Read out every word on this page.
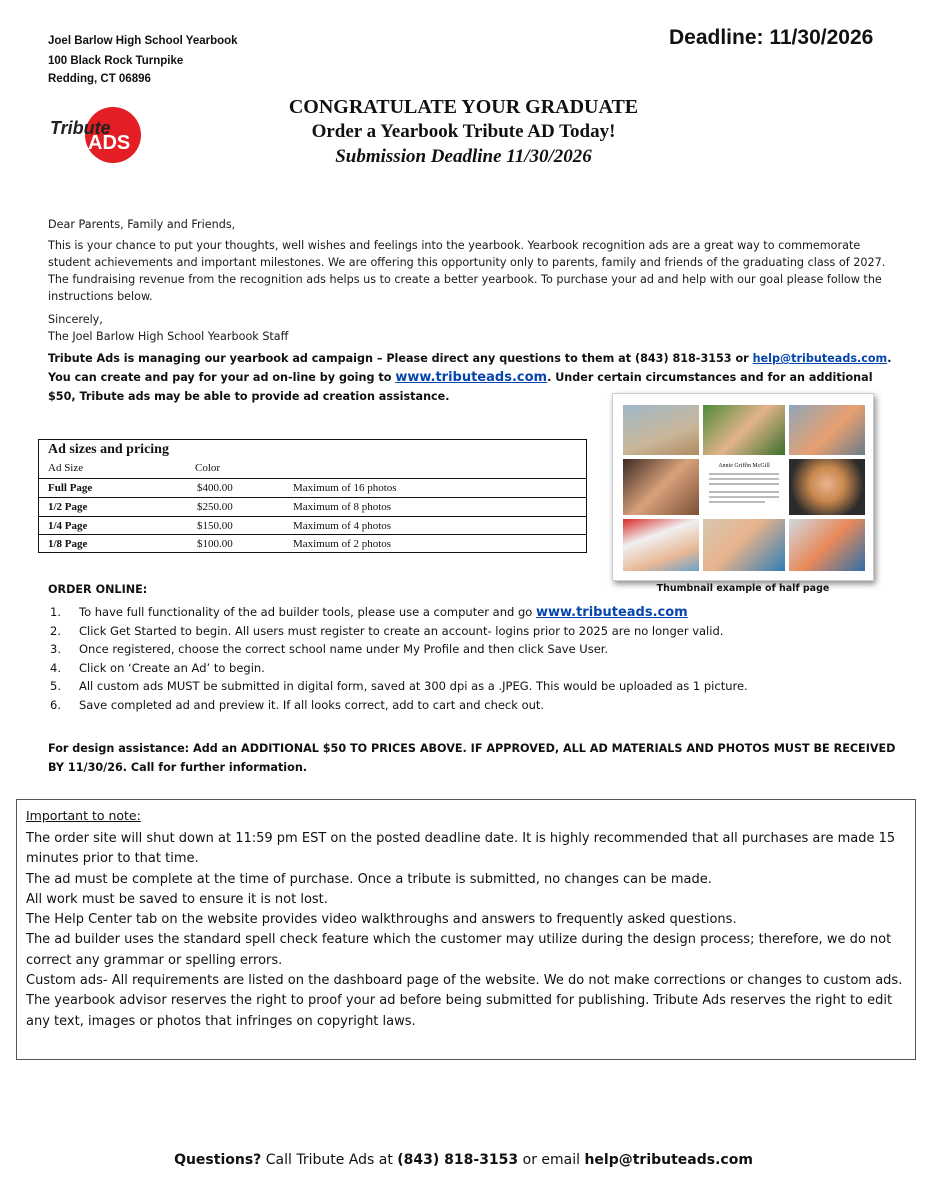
Joel Barlow High School Yearbook
100 Black Rock Turnpike
Redding, CT 06896
Deadline: 11/30/2026
Tribute
ADS
CONGRATULATE YOUR GRADUATE
Order a Yearbook Tribute AD Today!
Submission Deadline 11/30/2026
Dear Parents, Family and Friends,
This is your chance to put your thoughts, well wishes and feelings into the yearbook. Yearbook recognition ads are a great way to commemorate student achievements and important milestones. We are offering this opportunity only to parents, family and friends of the graduating class of 2027. The fundraising revenue from the recognition ads helps us to create a better yearbook. To purchase your ad and help with our goal please follow the instructions below.
Sincerely,
The Joel Barlow High School Yearbook Staff
Tribute Ads is managing our yearbook ad campaign – Please direct any questions to them at (843) 818-3153 or help@tributeads.com. You can create and pay for your ad on-line by going to www.tributeads.com. Under certain circumstances and for an additional $50, Tribute ads may be able to provide ad creation assistance.
Ad sizes and pricing
Ad Size	Color
Full Page	$400.00	Maximum of 16 photos
1/2 Page	$250.00	Maximum of 8 photos
1/4 Page	$150.00	Maximum of 4 photos
1/8 Page	$100.00	Maximum of 2 photos
Annie Griffin McGill
Thumbnail example of half page
ORDER ONLINE:
1.	To have full functionality of the ad builder tools, please use a computer and go www.tributeads.com
2.	Click Get Started to begin. All users must register to create an account- logins prior to 2025 are no longer valid.
3.	Once registered, choose the correct school name under My Profile and then click Save User.
4.	Click on ‘Create an Ad’ to begin.
5.	All custom ads MUST be submitted in digital form, saved at 300 dpi as a .JPEG. This would be uploaded as 1 picture.
6.	Save completed ad and preview it. If all looks correct, add to cart and check out.
For design assistance: Add an ADDITIONAL $50 TO PRICES ABOVE. IF APPROVED, ALL AD MATERIALS AND PHOTOS MUST BE RECEIVED BY 11/30/26. Call for further information.
Important to note:
The order site will shut down at 11:59 pm EST on the posted deadline date. It is highly recommended that all purchases are made 15 minutes prior to that time.
The ad must be complete at the time of purchase. Once a tribute is submitted, no changes can be made.
All work must be saved to ensure it is not lost.
The Help Center tab on the website provides video walkthroughs and answers to frequently asked questions.
The ad builder uses the standard spell check feature which the customer may utilize during the design process; therefore, we do not correct any grammar or spelling errors.
Custom ads- All requirements are listed on the dashboard page of the website. We do not make corrections or changes to custom ads.
The yearbook advisor reserves the right to proof your ad before being submitted for publishing. Tribute Ads reserves the right to edit any text, images or photos that infringes on copyright laws.
Questions? Call Tribute Ads at (843) 818-3153 or email help@tributeads.com
